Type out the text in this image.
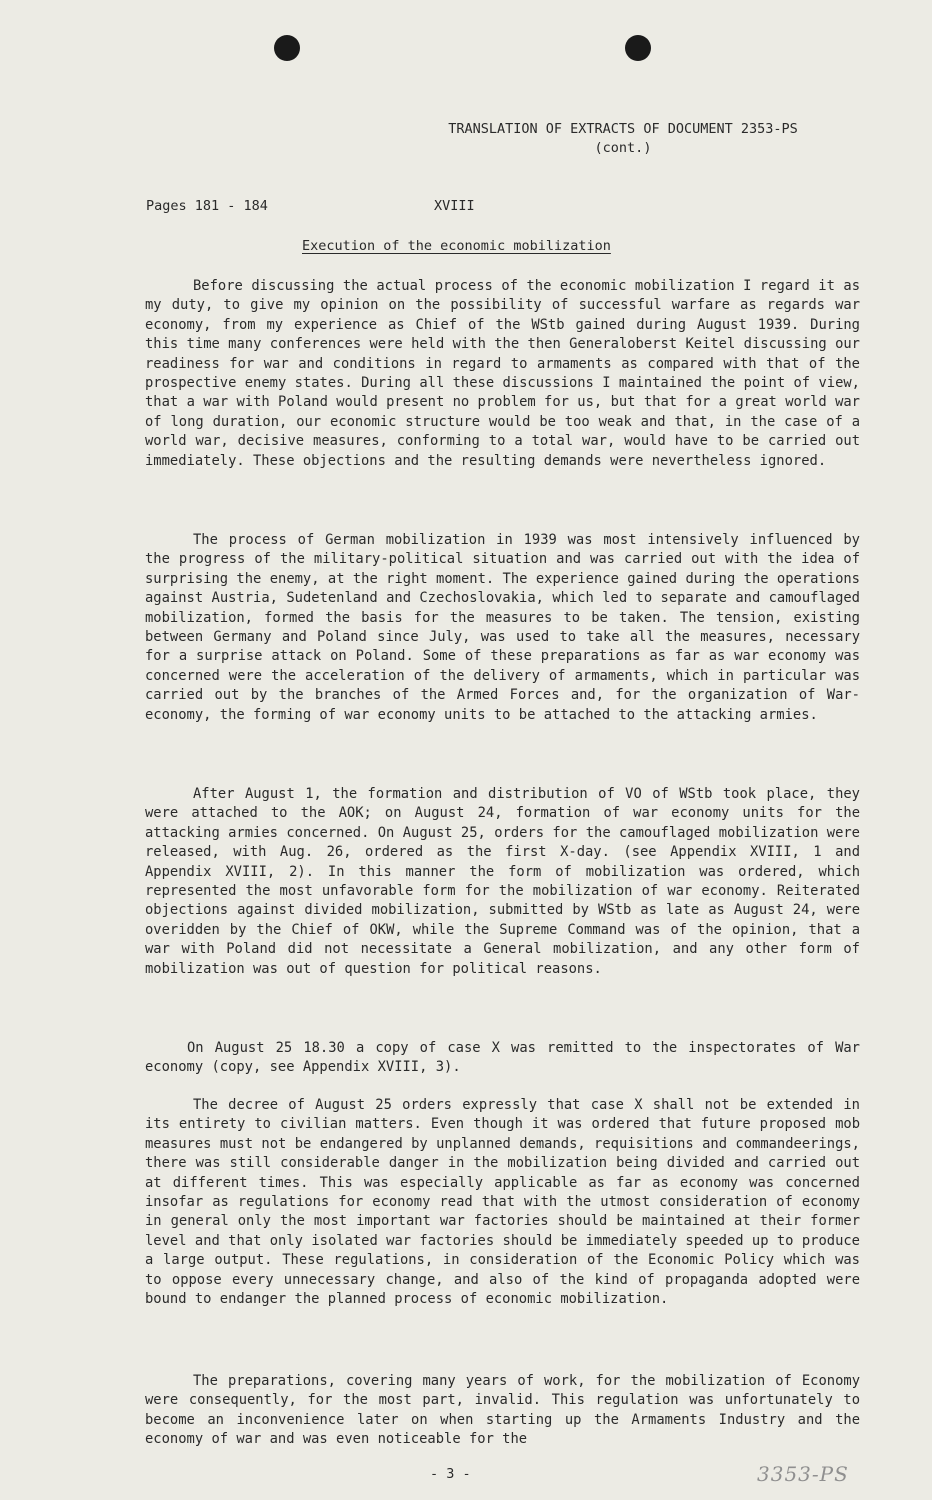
TRANSLATION OF EXTRACTS OF DOCUMENT 2353-PS
(cont.)
Pages 181 - 184	XVIII
Execution of the economic mobilization

Before discussing the actual process of the economic mobilization I regard it as my duty, to give my opinion on the possibility of successful warfare as regards war economy, from my experience as Chief of the WStb gained during August 1939. During this time many conferences were held with the then Generaloberst Keitel discussing our readiness for war and conditions in regard to armaments as compared with that of the prospective enemy states. During all these discussions I maintained the point of view, that a war with Poland would present no problem for us, but that for a great world war of long duration, our economic structure would be too weak and that, in the case of a world war, decisive measures, conforming to a total war, would have to be carried out immediately. These objections and the resulting demands were nevertheless ignored.

The process of German mobilization in 1939 was most intensively influenced by the progress of the military-political situation and was carried out with the idea of surprising the enemy, at the right moment. The experience gained during the operations against Austria, Sudetenland and Czechoslovakia, which led to separate and camouflaged mobilization, formed the basis for the measures to be taken. The tension, existing between Germany and Poland since July, was used to take all the measures, necessary for a surprise attack on Poland. Some of these preparations as far as war economy was concerned were the acceleration of the delivery of armaments, which in particular was carried out by the branches of the Armed Forces and, for the organization of War-economy, the forming of war economy units to be attached to the attacking armies.

After August 1, the formation and distribution of VO of WStb took place, they were attached to the AOK; on August 24, formation of war economy units for the attacking armies concerned. On August 25, orders for the camouflaged mobilization were released, with Aug. 26, ordered as the first X-day. (see Appendix XVIII, 1 and Appendix XVIII, 2). In this manner the form of mobilization was ordered, which represented the most unfavorable form for the mobilization of war economy. Reiterated objections against divided mobilization, submitted by WStb as late as August 24, were overidden by the Chief of OKW, while the Supreme Command was of the opinion, that a war with Poland did not necessitate a General mobilization, and any other form of mobilization was out of question for political reasons.

On August 25 18.30 a copy of case X was remitted to the inspectorates of War economy (copy, see Appendix XVIII, 3).

The decree of August 25 orders expressly that case X shall not be extended in its entirety to civilian matters. Even though it was ordered that future proposed mob measures must not be endangered by unplanned demands, requisitions and commandeerings, there was still considerable danger in the mobilization being divided and carried out at different times. This was especially applicable as far as economy was concerned insofar as regulations for economy read that with the utmost consideration of economy in general only the most important war factories should be maintained at their former level and that only isolated war factories should be immediately speeded up to produce a large output. These regulations, in consideration of the Economic Policy which was to oppose every unnecessary change, and also of the kind of propaganda adopted were bound to endanger the planned process of economic mobilization.

The preparations, covering many years of work, for the mobilization of Economy were consequently, for the most part, invalid. This regulation was unfortunately to become an inconvenience later on when starting up the Armaments Industry and the economy of war and was even noticeable for the

- 3 -	3353-PS
